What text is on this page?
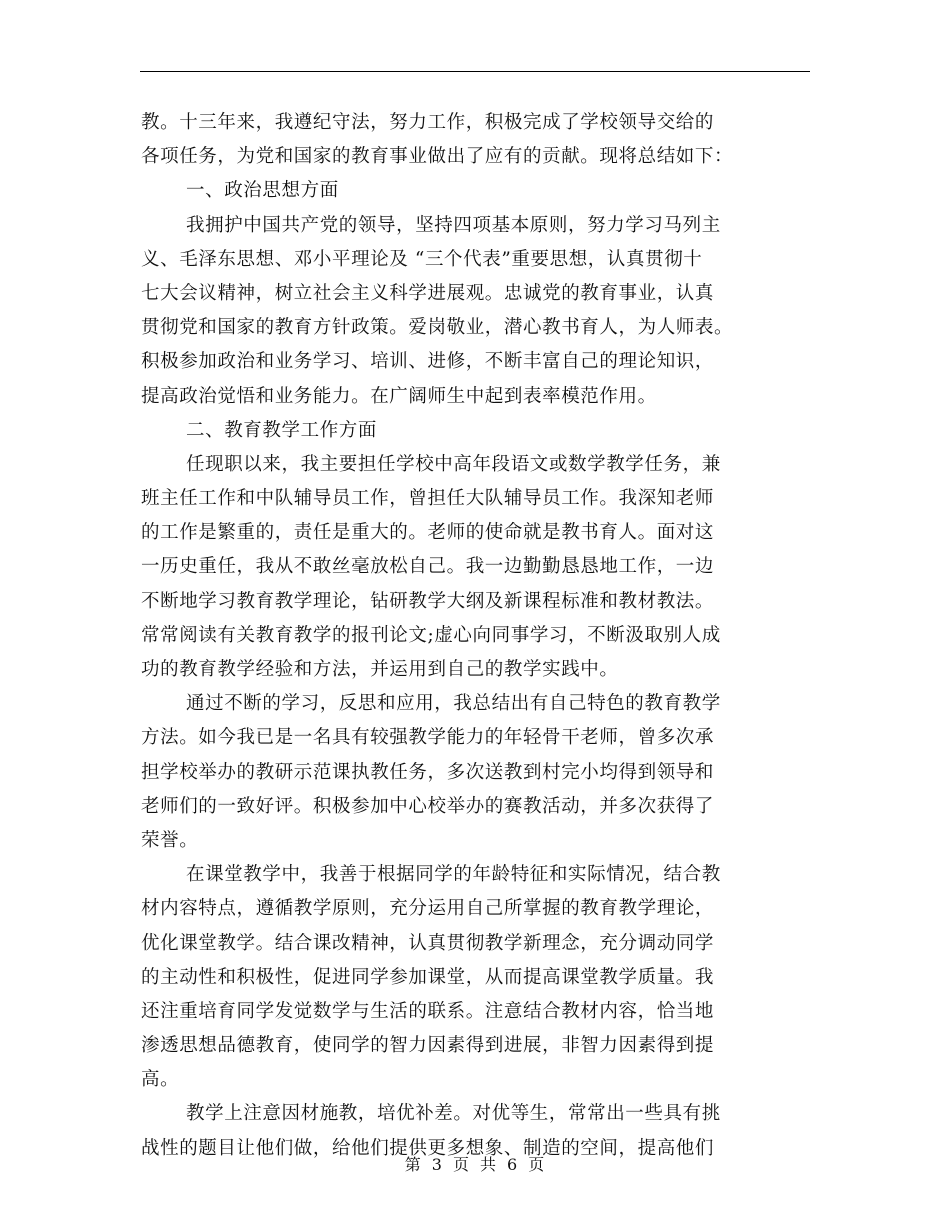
教。十三年来，我遵纪守法，努力工作，积极完成了学校领导交给的
各项任务，为党和国家的教育事业做出了应有的贡献。现将总结如下：
一、政治思想方面
我拥护中国共产党的领导，坚持四项基本原则，努力学习马列主
义、毛泽东思想、邓小平理论及 “三个代表”重要思想，认真贯彻十
七大会议精神，树立社会主义科学进展观。忠诚党的教育事业，认真
贯彻党和国家的教育方针政策。爱岗敬业，潜心教书育人，为人师表。
积极参加政治和业务学习、培训、进修，不断丰富自己的理论知识，
提高政治觉悟和业务能力。在广阔师生中起到表率模范作用。
二、教育教学工作方面
任现职以来，我主要担任学校中高年段语文或数学教学任务，兼
班主任工作和中队辅导员工作，曾担任大队辅导员工作。我深知老师
的工作是繁重的，责任是重大的。老师的使命就是教书育人。面对这
一历史重任，我从不敢丝毫放松自己。我一边勤勤恳恳地工作，一边
不断地学习教育教学理论，钻研教学大纲及新课程标准和教材教法。
常常阅读有关教育教学的报刊论文;虚心向同事学习，不断汲取别人成
功的教育教学经验和方法，并运用到自己的教学实践中。
通过不断的学习，反思和应用，我总结出有自己特色的教育教学
方法。如今我已是一名具有较强教学能力的年轻骨干老师，曾多次承
担学校举办的教研示范课执教任务，多次送教到村完小均得到领导和
老师们的一致好评。积极参加中心校举办的赛教活动，并多次获得了
荣誉。
在课堂教学中，我善于根据同学的年龄特征和实际情况，结合教
材内容特点，遵循教学原则，充分运用自己所掌握的教育教学理论，
优化课堂教学。结合课改精神，认真贯彻教学新理念，充分调动同学
的主动性和积极性，促进同学参加课堂，从而提高课堂教学质量。我
还注重培育同学发觉数学与生活的联系。注意结合教材内容，恰当地
渗透思想品德教育，使同学的智力因素得到进展，非智力因素得到提
高。
教学上注意因材施教，培优补差。对优等生，常常出一些具有挑
战性的题目让他们做，给他们提供更多想象、制造的空间，提高他们
第 3 页 共 6 页
